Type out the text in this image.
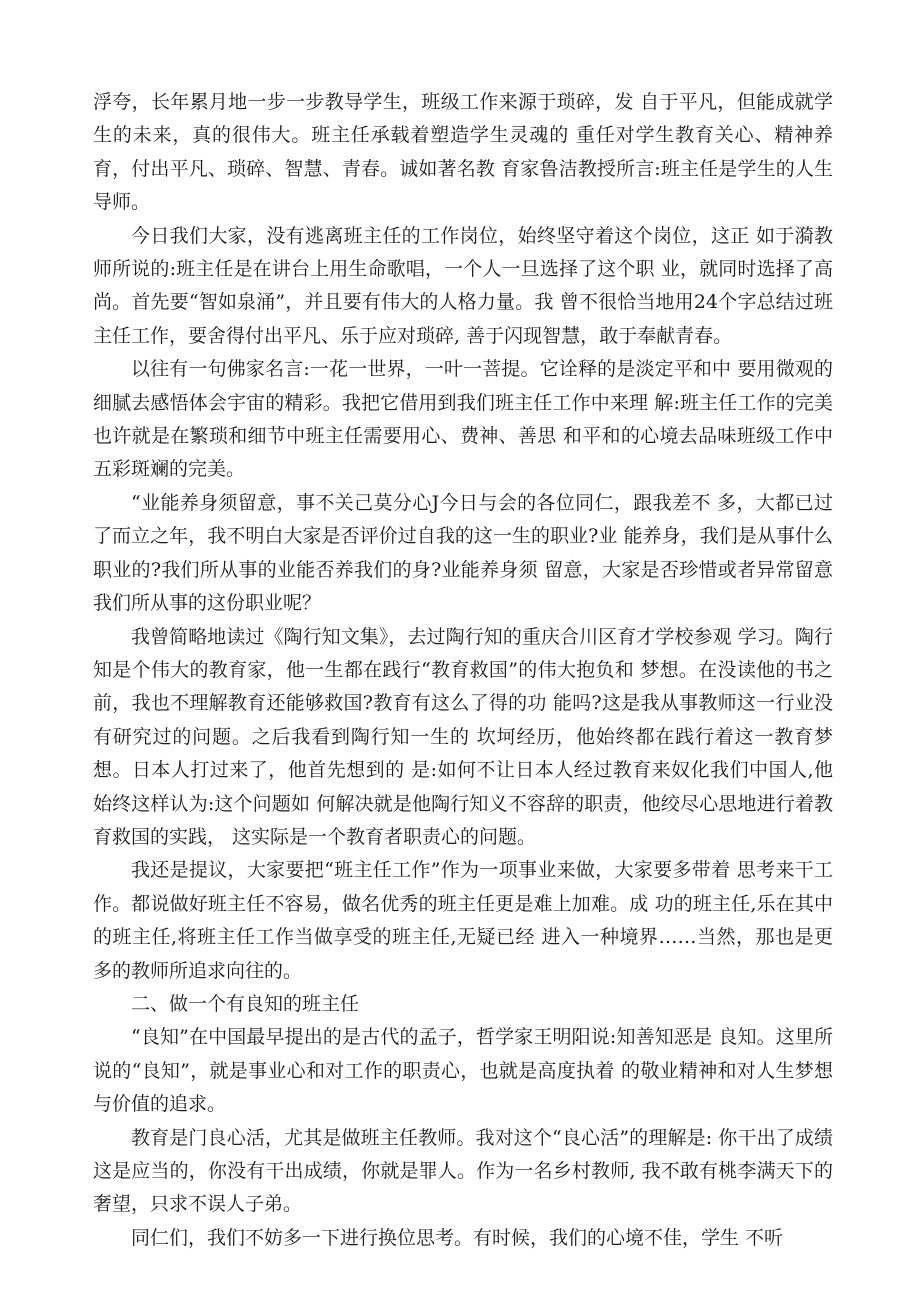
浮夸，长年累月地一步一步教导学生，班级工作来源于琐碎，发 自于平凡，但能成就学生的未来，真的很伟大。班主任承载着塑造学生灵魂的 重任对学生教育关心、精神养育，付出平凡、琐碎、智慧、青春。诚如著名教 育家鲁洁教授所言:班主任是学生的人生导师。

今日我们大家，没有逃离班主任的工作岗位，始终坚守着这个岗位，这正 如于漪教师所说的:班主任是在讲台上用生命歌唱，一个人一旦选择了这个职 业，就同时选择了高尚。首先要“智如泉涌”，并且要有伟大的人格力量。我 曾不很恰当地用24个字总结过班主任工作，要舍得付出平凡、乐于应对琐碎, 善于闪现智慧，敢于奉献青春。

以往有一句佛家名言:一花一世界，一叶一菩提。它诠释的是淡定平和中 要用微观的细腻去感悟体会宇宙的精彩。我把它借用到我们班主任工作中来理 解:班主任工作的完美也许就是在繁琐和细节中班主任需要用心、费神、善思 和平和的心境去品味班级工作中五彩斑斓的完美。

“业能养身须留意，事不关己莫分心J今日与会的各位同仁，跟我差不 多，大都已过了而立之年，我不明白大家是否评价过自我的这一生的职业?业 能养身，我们是从事什么职业的?我们所从事的业能否养我们的身?业能养身须 留意，大家是否珍惜或者异常留意我们所从事的这份职业呢？

我曾简略地读过《陶行知文集》，去过陶行知的重庆合川区育才学校参观 学习。陶行知是个伟大的教育家，他一生都在践行“教育救国”的伟大抱负和 梦想。在没读他的书之前，我也不理解教育还能够救国?教育有这么了得的功 能吗?这是我从事教师这一行业没有研究过的问题。之后我看到陶行知一生的 坎坷经历，他始终都在践行着这一教育梦想。日本人打过来了，他首先想到的 是:如何不让日本人经过教育来奴化我们中国人,他始终这样认为:这个问题如 何解决就是他陶行知义不容辞的职责，他绞尽心思地进行着教育救国的实践， 这实际是一个教育者职责心的问题。

我还是提议，大家要把“班主任工作”作为一项事业来做，大家要多带着 思考来干工作。都说做好班主任不容易，做名优秀的班主任更是难上加难。成 功的班主任,乐在其中的班主任,将班主任工作当做享受的班主任,无疑已经 进入一种境界……当然，那也是更多的教师所追求向往的。

二、做一个有良知的班主任

“良知”在中国最早提出的是古代的孟子，哲学家王明阳说:知善知恶是 良知。这里所说的“良知”，就是事业心和对工作的职责心，也就是高度执着 的敬业精神和对人生梦想与价值的追求。

教育是门良心活，尤其是做班主任教师。我对这个“良心活”的理解是: 你干出了成绩这是应当的，你没有干出成绩，你就是罪人。作为一名乡村教师, 我不敢有桃李满天下的奢望，只求不误人子弟。

同仁们，我们不妨多一下进行换位思考。有时候，我们的心境不佳，学生 不听
